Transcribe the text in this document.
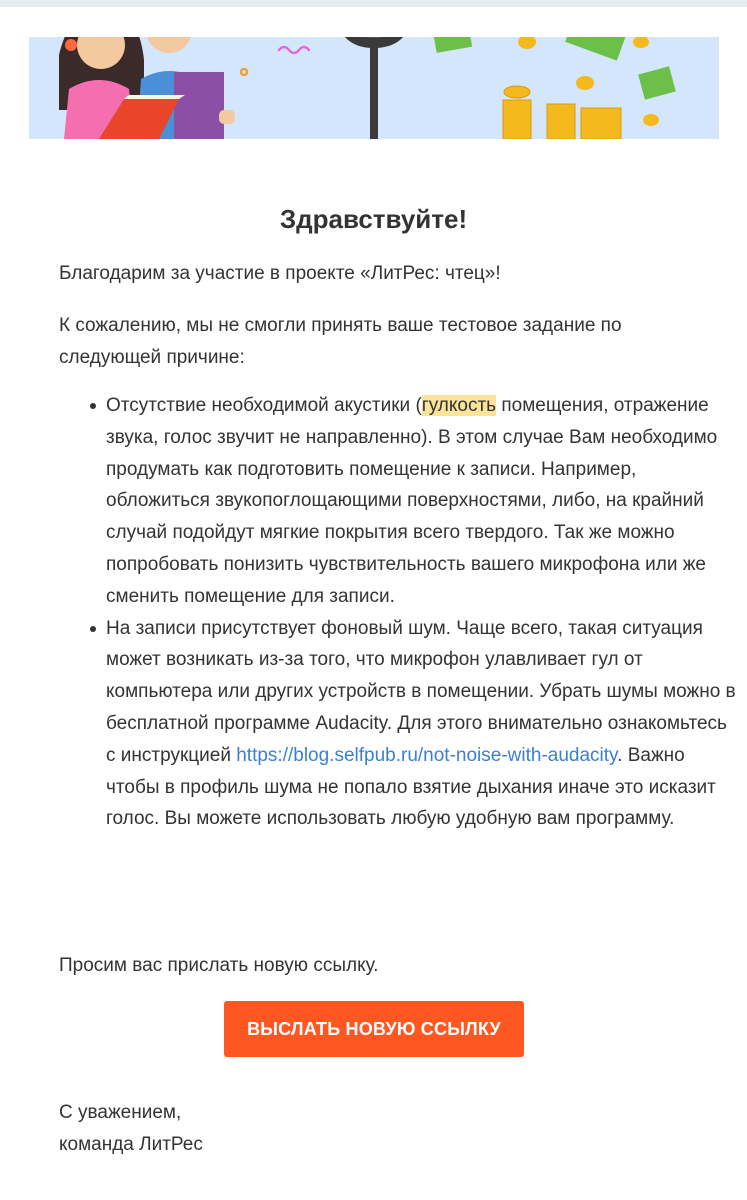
Здравствуйте!

Благодарим за участие в проекте «ЛитРес: чтец»!

К сожалению, мы не смогли принять ваше тестовое задание по следующей причине:

Отсутствие необходимой акустики (гулкость помещения, отражение звука, голос звучит не направленно). В этом случае Вам необходимо продумать как подготовить помещение к записи. Например, обложиться звукопоглощающими поверхностями, либо, на крайний случай подойдут мягкие покрытия всего твердого. Так же можно попробовать понизить чувствительность вашего микрофона или же сменить помещение для записи.
На записи присутствует фоновый шум. Чаще всего, такая ситуация может возникать из-за того, что микрофон улавливает гул от компьютера или других устройств в помещении. Убрать шумы можно в бесплатной программе Audacity. Для этого внимательно ознакомьтесь с инструкцией https://blog.selfpub.ru/not-noise-with-audacity. Важно чтобы в профиль шума не попало взятие дыхания иначе это исказит голос. Вы можете использовать любую удобную вам программу.

Просим вас прислать новую ссылку.

ВЫСЛАТЬ НОВУЮ ССЫЛКУ

С уважением,
команда ЛитРес
